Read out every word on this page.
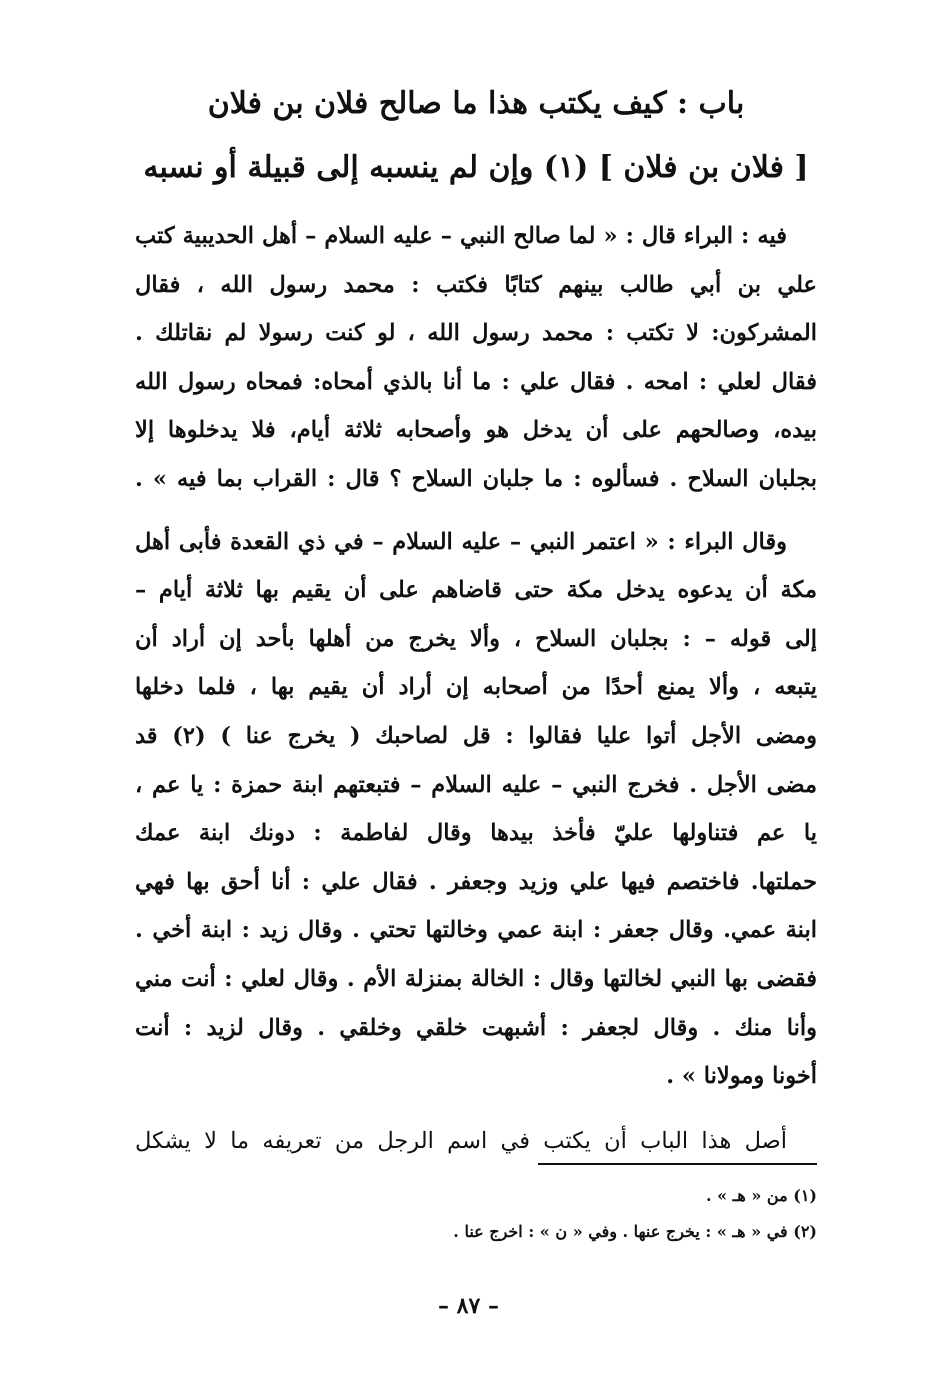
باب : كيف يكتب هذا ما صالح فلان بن فلان
[ فلان بن فلان ] (١) وإن لم ينسبه إلى قبيلة أو نسبه
فيه : البراء قال : « لما صالح النبي – عليه السلام – أهل الحديبية كتب
علي بن أبي طالب بينهم كتابًا فكتب : محمد رسول الله ، فقال
المشركون: لا تكتب : محمد رسول الله ، لو كنت رسولا لم نقاتلك .
فقال لعلي : امحه . فقال علي : ما أنا بالذي أمحاه: فمحاه رسول الله
بيده، وصالحهم على أن يدخل هو وأصحابه ثلاثة أيام، فلا يدخلوها إلا
بجلبان السلاح . فسألوه : ما جلبان السلاح ؟ قال : القراب بما فيه » .
وقال البراء : « اعتمر النبي – عليه السلام – في ذي القعدة فأبى أهل
مكة أن يدعوه يدخل مكة حتى قاضاهم على أن يقيم بها ثلاثة أيام –
إلى قوله – : بجلبان السلاح ، وألا يخرج من أهلها بأحد إن أراد أن
يتبعه ، وألا يمنع أحدًا من أصحابه إن أراد أن يقيم بها ، فلما دخلها
ومضى الأجل أتوا عليا فقالوا : قل لصاحبك ( يخرج عنا ) (٢) قد
مضى الأجل . فخرج النبي – عليه السلام – فتبعتهم ابنة حمزة : يا عم ،
يا عم فتناولها عليّ فأخذ بيدها وقال لفاطمة : دونك ابنة عمك
حملتها. فاختصم فيها علي وزيد وجعفر . فقال علي : أنا أحق بها فهي
ابنة عمي. وقال جعفر : ابنة عمي وخالتها تحتي . وقال زيد : ابنة أخي .
فقضى بها النبي لخالتها وقال : الخالة بمنزلة الأم . وقال لعلي : أنت مني
وأنا منك . وقال لجعفر : أشبهت خلقي وخلقي . وقال لزيد : أنت
أخونا ومولانا » .
أصل هذا الباب أن يكتب في اسم الرجل من تعريفه ما لا يشكل
(١) من « هـ » .
(٢) في « هـ » : يخرج عنها . وفي « ن » : اخرج عنا .
– ٨٧ –
